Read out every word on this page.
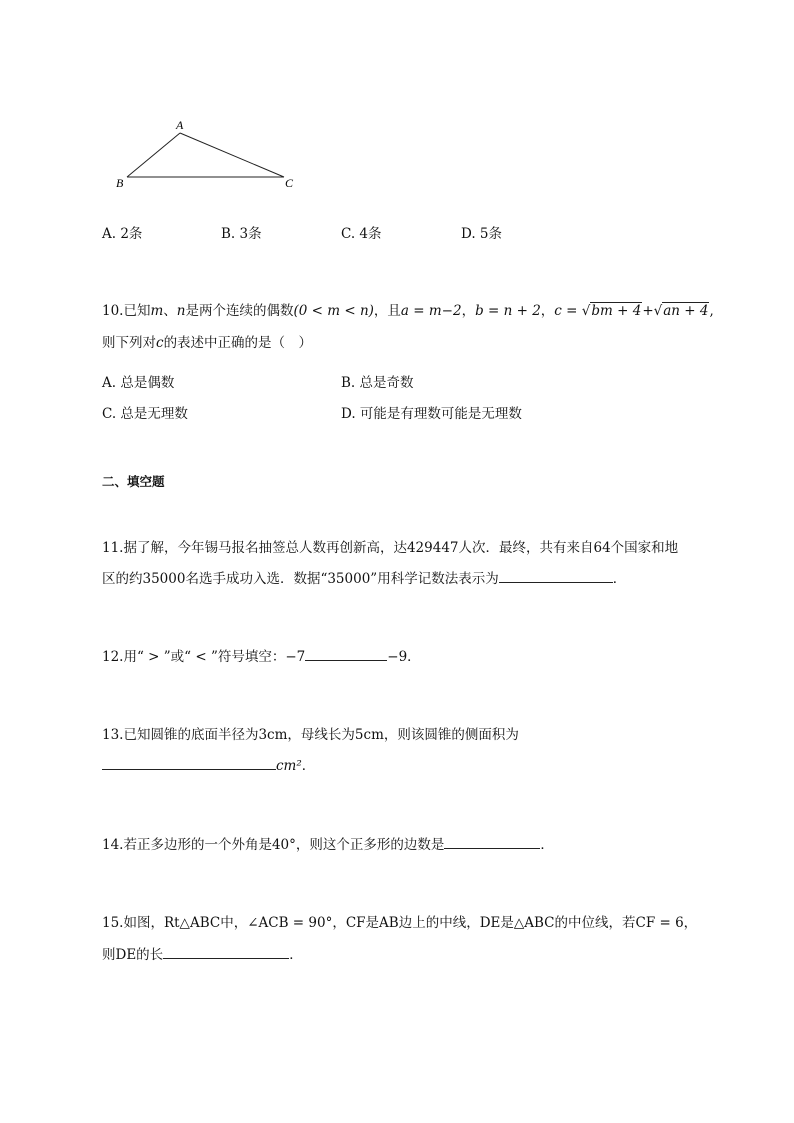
A
B	C
A. 2条	B. 3条	C. 4条	D. 5条
10.已知m、n是两个连续的偶数(0 < m < n)，且a = m−2，b = n + 2，c = √bm + 4+√an + 4,
则下列对c的表述中正确的是（　）
A. 总是偶数	B. 总是奇数
C. 总是无理数	D. 可能是有理数可能是无理数
二、填空题
11.据了解，今年锡马报名抽签总人数再创新高，达429447人次．最终，共有来自64个国家和地
区的约35000名选手成功入选．数据“35000”用科学记数法表示为	．
12.用“ > ”或“ < ”符号填空：−7	−9．
13.已知圆锥的底面半径为3cm，母线长为5cm，则该圆锥的侧面积为
cm²．
14.若正多边形的一个外角是40°，则这个正多形的边数是	．
15.如图，Rt△ABC中，∠ACB = 90°，CF是AB边上的中线，DE是△ABC的中位线，若CF = 6，
则DE的长	．
